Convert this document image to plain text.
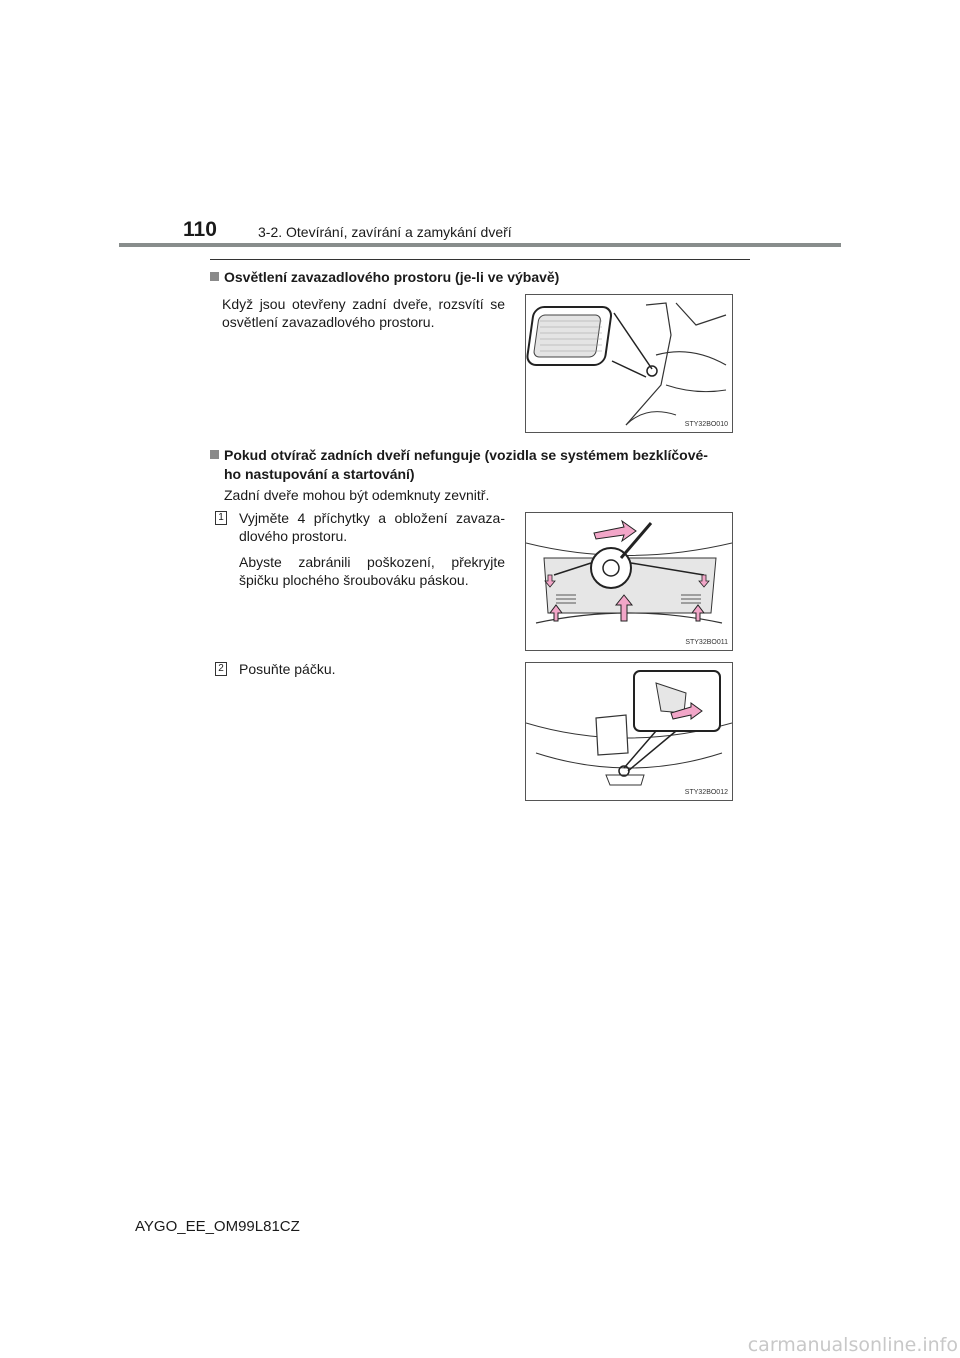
110	3-2. Otevírání, zavírání a zamykání dveří
Osvětlení zavazadlového prostoru (je-li ve výbavě)
Když jsou otevřeny zadní dveře, rozsvítí se osvětlení zavazadlového prostoru.
STY32BO010
Pokud otvírač zadních dveří nefunguje (vozidla se systémem bezklíčové-
ho nastupování a startování)
Zadní dveře mohou být odemknuty zevnitř.
1 Vyjměte 4 příchytky a obložení zavaza-dlového prostoru.
Abyste zabránili poškození, překryjte špičku plochého šroubováku páskou.
STY32BO011
2 Posuňte páčku.
STY32BO012
AYGO_EE_OM99L81CZ
carmanualsonline.info
